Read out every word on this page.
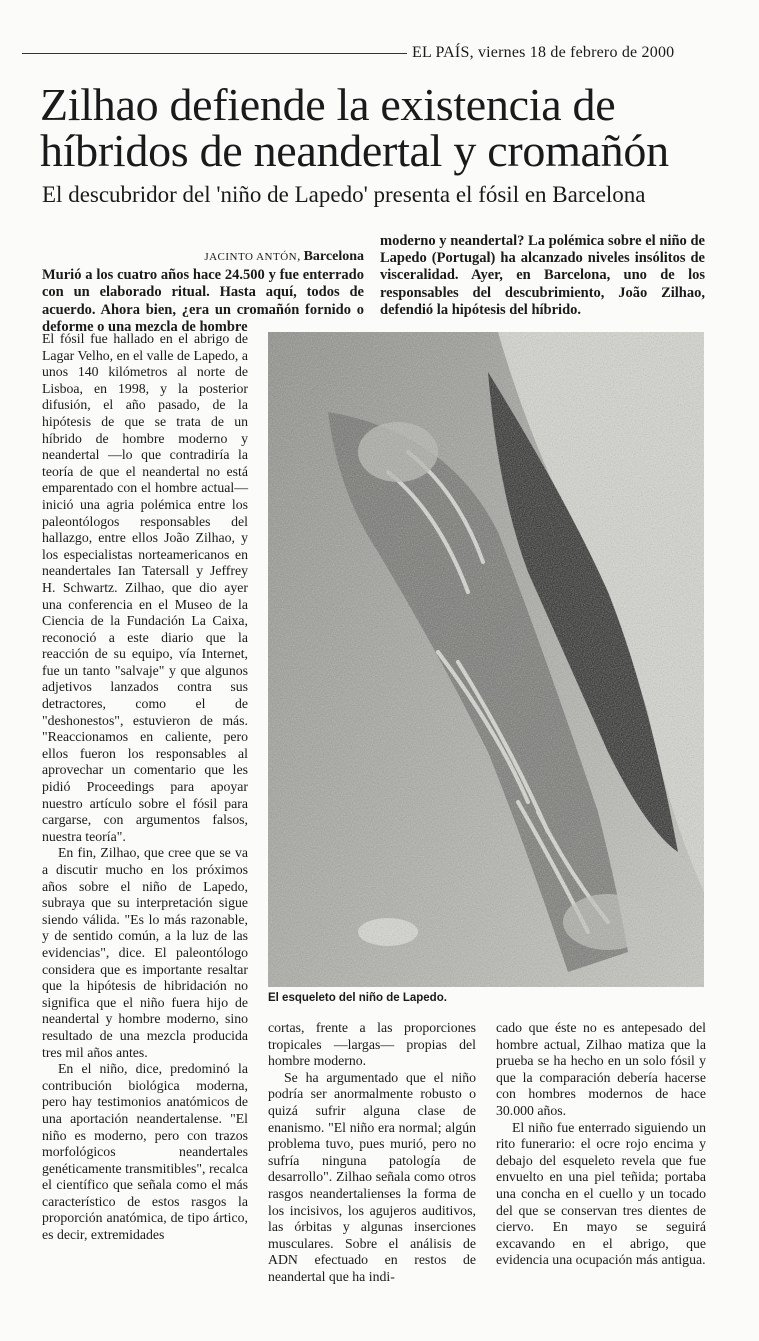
EL PAÍS, viernes 18 de febrero de 2000
Zilhao defiende la existencia de híbridos de neandertal y cromañón
El descubridor del 'niño de Lapedo' presenta el fósil en Barcelona
JACINTO ANTÓN, Barcelona
Murió a los cuatro años hace 24.500 y fue enterrado con un elaborado ritual. Hasta aquí, todos de acuerdo. Ahora bien, ¿era un cromañón fornido o deforme o una mezcla de hombre
moderno y neandertal? La polémica sobre el niño de Lapedo (Portugal) ha alcanzado niveles insólitos de visceralidad. Ayer, en Barcelona, uno de los responsables del descubrimiento, João Zilhao, defendió la hipótesis del híbrido.

El fósil fue hallado en el abrigo de Lagar Velho, en el valle de Lapedo, a unos 140 kilómetros al norte de Lisboa, en 1998, y la posterior difusión, el año pasado, de la hipótesis de que se trata de un híbrido de hombre moderno y neandertal —lo que contradiría la teoría de que el neandertal no está emparentado con el hombre actual— inició una agria polémica entre los paleontólogos responsables del hallazgo, entre ellos João Zilhao, y los especialistas norteamericanos en neandertales Ian Tatersall y Jeffrey H. Schwartz. Zilhao, que dio ayer una conferencia en el Museo de la Ciencia de la Fundación La Caixa, reconoció a este diario que la reacción de su equipo, vía Internet, fue un tanto "salvaje" y que algunos adjetivos lanzados contra sus detractores, como el de "deshonestos", estuvieron de más. "Reaccionamos en caliente, pero ellos fueron los responsables al aprovechar un comentario que les pidió Proceedings para apoyar nuestro artículo sobre el fósil para cargarse, con argumentos falsos, nuestra teoría".

En fin, Zilhao, que cree que se va a discutir mucho en los próximos años sobre el niño de Lapedo, subraya que su interpretación sigue siendo válida. "Es lo más razonable, y de sentido común, a la luz de las evidencias", dice. El paleontólogo considera que es importante resaltar que la hipótesis de hibridación no significa que el niño fuera hijo de neandertal y hombre moderno, sino resultado de una mezcla producida tres mil años antes.

En el niño, dice, predominó la contribución biológica moderna, pero hay testimonios anatómicos de una aportación neandertalense. "El niño es moderno, pero con trazos morfológicos neandertales genéticamente transmitibles", recalca el científico que señala como el más característico de estos rasgos la proporción anatómica, de tipo ártico, es decir, extremidades

El esqueleto del niño de Lapedo.

cortas, frente a las proporciones tropicales —largas— propias del hombre moderno.

Se ha argumentado que el niño podría ser anormalmente robusto o quizá sufrir alguna clase de enanismo. "El niño era normal; algún problema tuvo, pues murió, pero no sufría ninguna patología de desarrollo". Zilhao señala como otros rasgos neandertalienses la forma de los incisivos, los agujeros auditivos, las órbitas y algunas inserciones musculares. Sobre el análisis de ADN efectuado en restos de neandertal que ha indi-

cado que éste no es antepesado del hombre actual, Zilhao matiza que la prueba se ha hecho en un solo fósil y que la comparación debería hacerse con hombres modernos de hace 30.000 años.

El niño fue enterrado siguiendo un rito funerario: el ocre rojo encima y debajo del esqueleto revela que fue envuelto en una piel teñida; portaba una concha en el cuello y un tocado del que se conservan tres dientes de ciervo. En mayo se seguirá excavando en el abrigo, que evidencia una ocupación más antigua.
